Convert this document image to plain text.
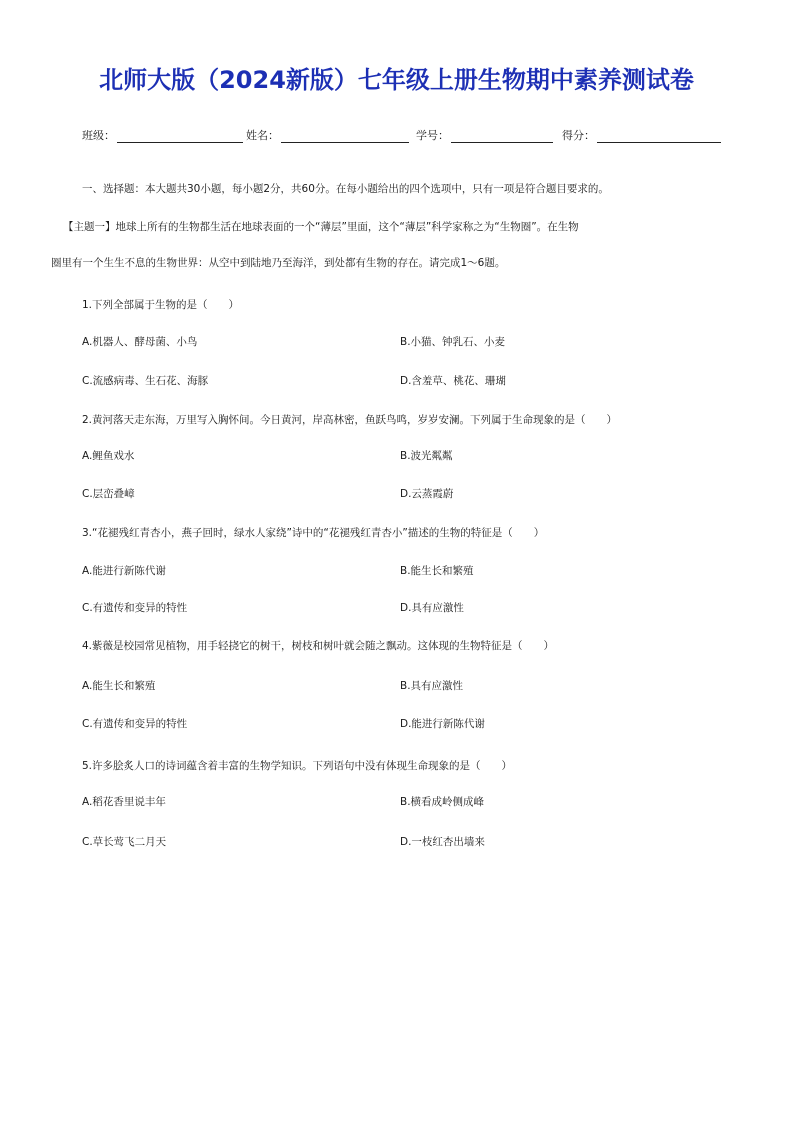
北师大版（2024新版）七年级上册生物期中素养测试卷
班级：	姓名：	学号：	得分：
一、选择题：本大题共30小题，每小题2分，共60分。在每小题给出的四个选项中，只有一项是符合题目要求的。
【主题一】地球上所有的生物都生活在地球表面的一个“薄层”里面，这个“薄层”科学家称之为“生物圈”。在生物
圈里有一个生生不息的生物世界：从空中到陆地乃至海洋，到处都有生物的存在。请完成1～6题。
1.下列全部属于生物的是（　　）
A.机器人、酵母菌、小鸟	B.小猫、钟乳石、小麦
C.流感病毒、生石花、海豚	D.含羞草、桃花、珊瑚
2.黄河落天走东海，万里写入胸怀间。今日黄河，岸高林密，鱼跃鸟鸣，岁岁安澜。下列属于生命现象的是（　　）
A.鲤鱼戏水	B.波光粼粼
C.层峦叠嶂	D.云蒸霞蔚
3.“花褪残红青杏小，燕子回时，绿水人家绕”诗中的“花褪残红青杏小”描述的生物的特征是（　　）
A.能进行新陈代谢	B.能生长和繁殖
C.有遗传和变异的特性	D.具有应激性
4.紫薇是校园常见植物，用手轻挠它的树干，树枝和树叶就会随之飘动。这体现的生物特征是（　　）
A.能生长和繁殖	B.具有应激性
C.有遗传和变异的特性	D.能进行新陈代谢
5.许多脍炙人口的诗词蕴含着丰富的生物学知识。下列语句中没有体现生命现象的是（　　）
A.稻花香里说丰年	B.横看成岭侧成峰
C.草长莺飞二月天	D.一枝红杏出墙来
